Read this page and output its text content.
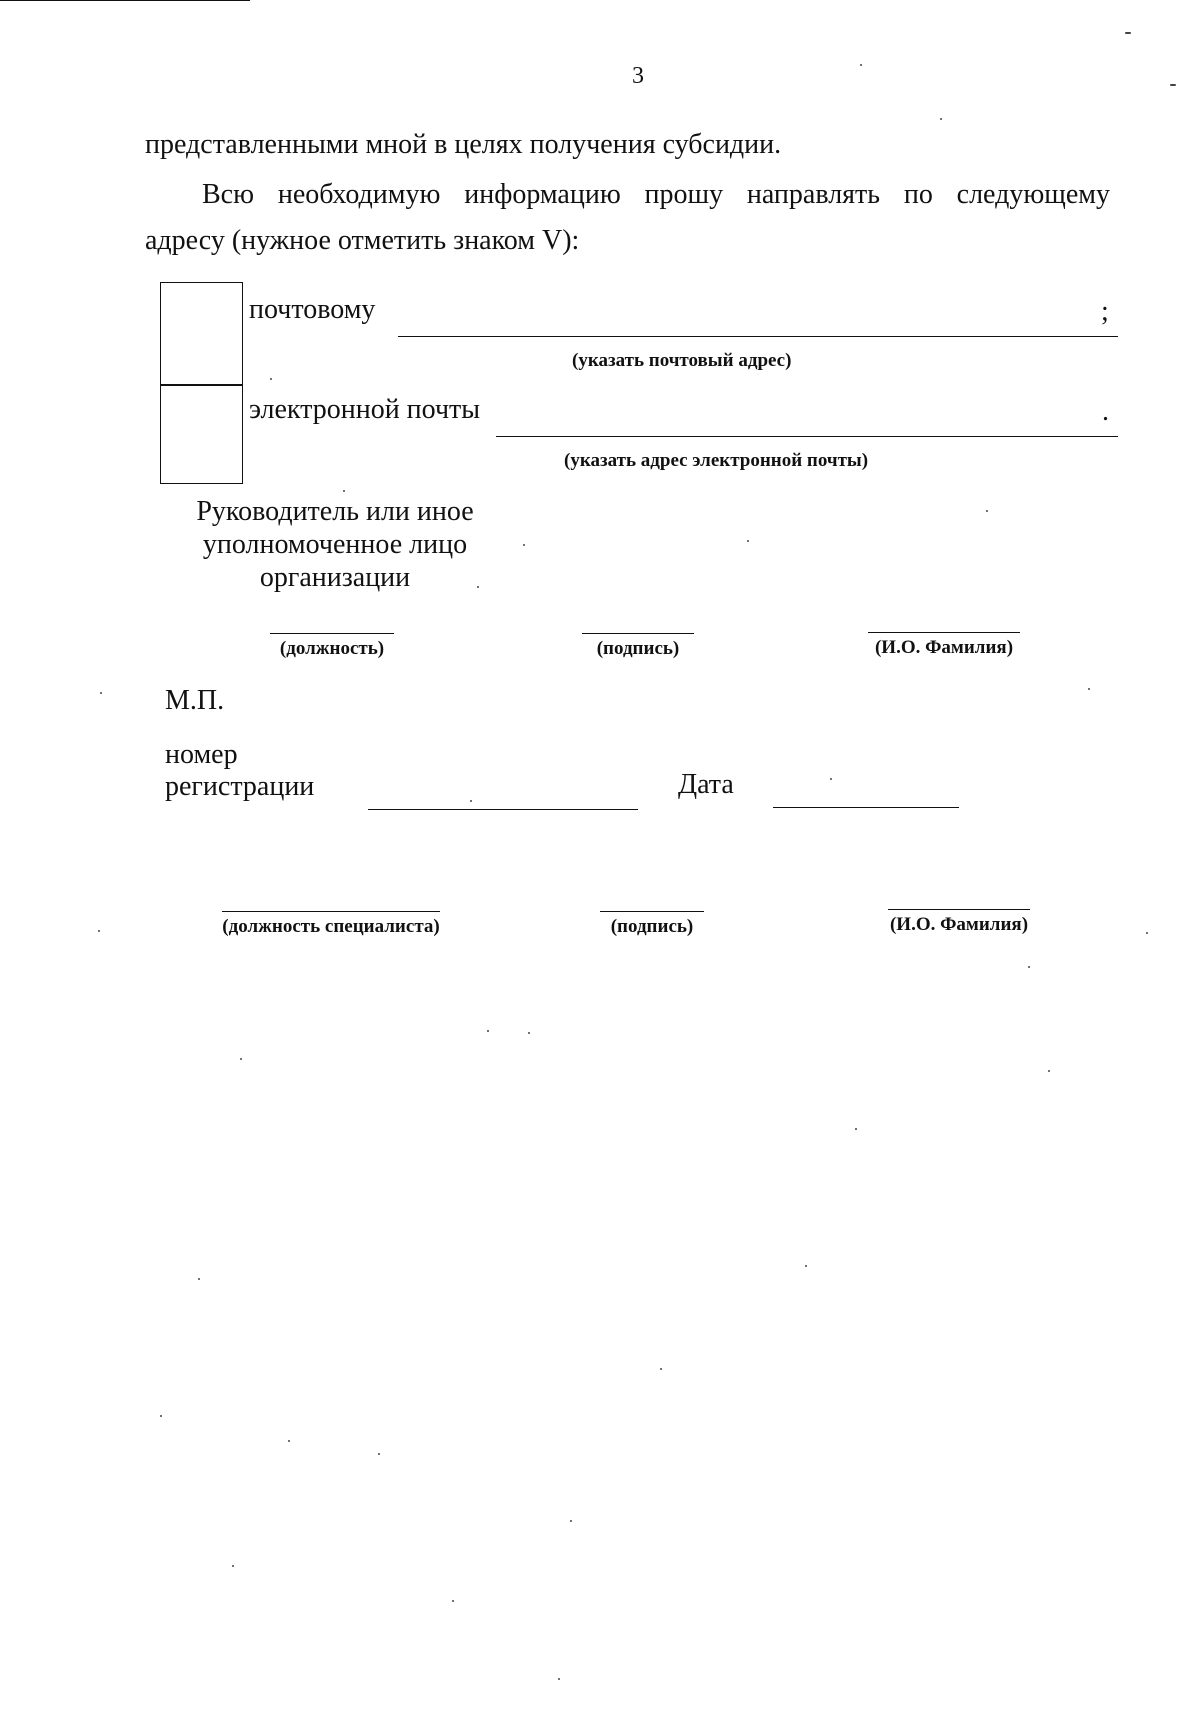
3
представленными мной в целях получения субсидии.
Всю необходимую информацию прошу направлять по следующему
адресу (нужное отметить знаком V):
почтовому	;
(указать почтовый адрес)
электронной почты	.
(указать адрес электронной почты)
Руководитель или иное
уполномоченное лицо
организации
(должность)	(подпись)	(И.О. Фамилия)
М.П.
номер
регистрации	Дата
(должность специалиста)	(подпись)	(И.О. Фамилия)
